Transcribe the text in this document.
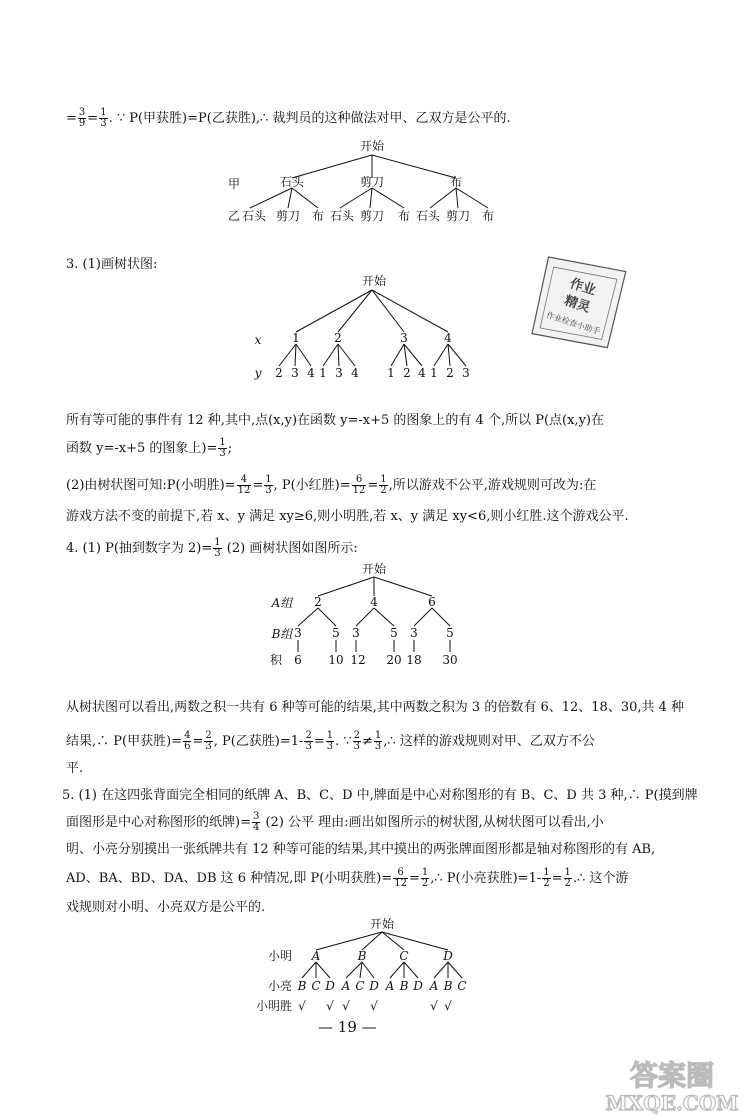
= $\frac{3}{9} = \frac{1}{3}$ . ∵ P(甲获胜)=P(乙获胜),∴ 裁判员的这种做法对甲、乙双方是公平的.
开始
甲	石头	剪刀	布
乙 石头 剪刀 布 石头 剪刀 布 石头 剪刀 布
开始
x	1	2	3	4
y 2 3 4 1 3 4 1 2 4 1 2 3
开始
A组 2	4	6
B组 3	5 3	5 3 5
积 6 10 12 20 18 30
开始
小明 A	B	C	D
小亮 B C D A C D A B D A B C
小明胜 √ √ √ √	√ √
3. (1)画树状图:
所有等可能的事件有 12 种,其中,点(x,y)在函数 y=-x+5 的图象上的有 4 个,所以 P(点(x,y)在
函数 y=-x+5 的图象上)= $\frac{1}{3}$ ;
(2)由树状图可知:P(小明胜)= $\frac{4}{12} = \frac{1}{3}$ , P(小红胜)= $\frac{6}{12} = \frac{1}{2}$ ,所以游戏不公平,游戏规则可改为:在
游戏方法不变的前提下,若 x、y 满足 xy≥6,则小明胜,若 x、y 满足 xy<6,则小红胜.这个游戏公平.
4. (1) P(抽到数字为 $2)= \frac{1}{3} (2)$ 画树状图如图所示:
从树状图可以看出,两数之积一共有 6 种等可能的结果,其中两数之积为 3 的倍数有 6、12、18、30,共 4 种
结果,∴ P(甲获胜)= $\frac{4}{6} = \frac{2}{3}$ , P(乙获胜)$=1- \frac{2}{3} = \frac{1}{3}$ . ∵ $\frac{2}{3} \ne \frac{1}{3}$ ,∴ 这样的游戏规则对甲、乙双方不公
平.
5. (1) 在这四张背面完全相同的纸牌 A、B、C、D 中,牌面是中心对称图形的有 B、C、D 共 3 种,∴ P(摸到牌
面图形是中心对称图形的纸牌)= $\frac{3}{4} (2)$ 公平 理由:画出如图所示的树状图,从树状图可以看出,小
明、小亮分别摸出一张纸牌共有 12 种等可能的结果,其中摸出的两张牌面图形都是轴对称图形的有 AB,
AD、BA、BD、DA、DB 这 6 种情况,即 P(小明获胜)= $\frac{6}{12} = \frac{1}{2}$ ,∴ P(小亮获胜)$=1- \frac{1}{2} = \frac{1}{2}$ .∴ 这个游
戏规则对小明、小亮双方是公平的.
作业
精灵
作业检查小助手
— 19 —
答案圈
MXQE.COM
